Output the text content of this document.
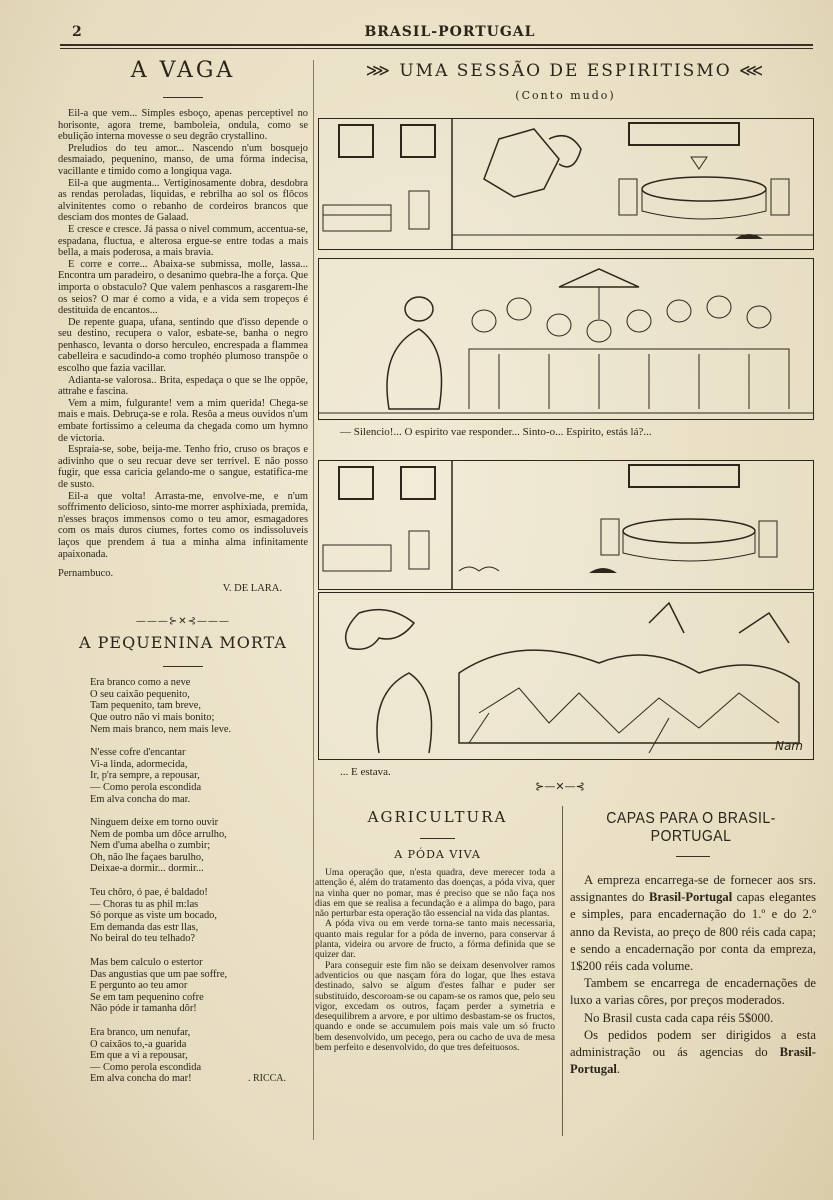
2	BRASIL-PORTUGAL
A VAGA

Eil-a que vem... Simples esboço, apenas perceptivel no horisonte, agora treme, bamboleia, ondula, como se ebulição interna movesse o seu degrão crystallino.

Preludios do teu amor... Nascendo n'um bosquejo desmaiado, pequenino, manso, de uma fórma indecisa, vacillante e timido como a longiqua vaga.

Eil-a que augmenta... Vertiginosamente dobra, desdobra as rendas peroladas, liquidas, e rebrilha ao sol os flôcos alvinitentes como o rebanho de cordeiros brancos que desciam dos montes de Galaad.

E cresce e cresce. Já passa o nivel commum, accentua-se, espadana, fluctua, e alterosa ergue-se entre todas a mais bella, a mais poderosa, a mais bravia.

E corre e corre... Abaixa-se submissa, molle, lassa... Encontra um paradeiro, o desanimo quebra-lhe a força. Que importa o obstaculo? Que valem penhascos a rasgarem-lhe os seios? O mar é como a vida, e a vida sem tropeços é destituida de encantos...

De repente guapa, ufana, sentindo que d'isso depende o seu destino, recupera o valor, esbate-se, banha o negro penhasco, levanta o dorso herculeo, encrespada a flammea cabelleira e sacudindo-a como trophéo plumoso transpõe o escolho que fazia vacillar.

Adianta-se valorosa.. Brita, espedaça o que se lhe oppõe, attrahe e fascina.

Vem a mim, fulgurante! vem a mim querida! Chega-se mais e mais. Debruça-se e rola. Resôa a meus ouvidos n'um embate fortissimo a celeuma da chegada como um hymno de victoria.

Espraia-se, sobe, beija-me. Tenho frio, cruso os braços e adivinho que o seu recuar deve ser terrivel. E não posso fugir, que essa caricia gelando-me o sangue, estatifica-me de susto.

Eil-a que volta! Arrasta-me, envolve-me, e n'um soffrimento delicioso, sinto-me morrer asphixiada, premida, n'esses braços immensos como o teu amor, esmagadores com os mais duros ciumes, fortes como os indissoluveis laços que prendem á tua a minha alma infinitamente apaixonada.

Pernambuco.
V. DE LARA.
———⊱✕⊰———
A PEQUENINA MORTA
Era branco como a neve
O seu caixão pequenito,
Tam pequenito, tam breve,
Que outro não vi mais bonito;
Nem mais branco, nem mais leve.
N'esse cofre d'encantar
Vi-a linda, adormecida,
Ir, p'ra sempre, a repousar,
— Como perola escondida
Em alva concha do mar.
Ninguem deixe em torno ouvir
Nem de pomba um dôce arrulho,
Nem d'uma abelha o zumbir;
Oh, não lhe façaes barulho,
Deixae-a dormir... dormir...
Teu chôro, ó pae, é baldado!
— Choras tu as phil m:las
Só porque as viste um bocado,
Em demanda das estr llas,
No beiral do teu telhado?
Mas bem calculo o estertor
Das angustias que um pae soffre,
E pergunto ao teu amor
Se em tam pequenino cofre
Não póde ir tamanha dôr!
Era branco, um nenufar,
O caixãos to,-a guarida
Em que a vi a repousar,
— Como perola escondida
Em alva concha do mar!	. RICCA.
⋙ UMA SESSÃO DE ESPIRITISMO ⋘
(Conto mudo)
— Silencio!... O espirito vae responder... Sinto-o... Espirito, estás lá?...
Nam
... E estava.
⊱—✕—⊰
AGRICULTURA
A PÓDA VIVA

Uma operação que, n'esta quadra, deve merecer toda a attenção é, além do tratamento das doenças, a póda viva, quer na vinha quer no pomar, mas é preciso que se não faça nos dias em que se realisa a fecundação e a alimpa do bago, para não perturbar esta operação tão essencial na vida das plantas.

A póda viva ou em verde torna-se tanto mais necessaria, quanto mais regular for a póda de inverno, para conservar á planta, videira ou arvore de fructo, a fórma definida que se quizer dar.

Para conseguir este fim não se deixam desenvolver ramos adventicios ou que nasçam fóra do logar, que lhes estava destinado, salvo se algum d'estes falhar e puder ser substituido, descoroam-se ou capam-se os ramos que, pelo seu vigor, excedam os outros, façam perder a symetria e desequilibrem a arvore, e por ultimo desbastam-se os fructos, quando e onde se accumulem pois mais vale um só fructo bem desenvolvido, um pecego, pera ou cacho de uva de mesa bem perfeito e desenvolvido, do que tres defeituosos.

CAPAS PARA O BRASIL-PORTUGAL

A empreza encarrega-se de fornecer aos srs. assignantes do Brasil-Portugal capas elegantes e simples, para encadernação do 1.º e do 2.º anno da Revista, ao preço de 800 réis cada capa; e sendo a encadernação por conta da empreza, 1$200 réis cada volume.

Tambem se encarrega de encadernações de luxo a varias côres, por preços moderados.

No Brasil custa cada capa réis 5$000.

Os pedidos podem ser dirigidos a esta administração ou ás agencias do Brasil-Portugal.
